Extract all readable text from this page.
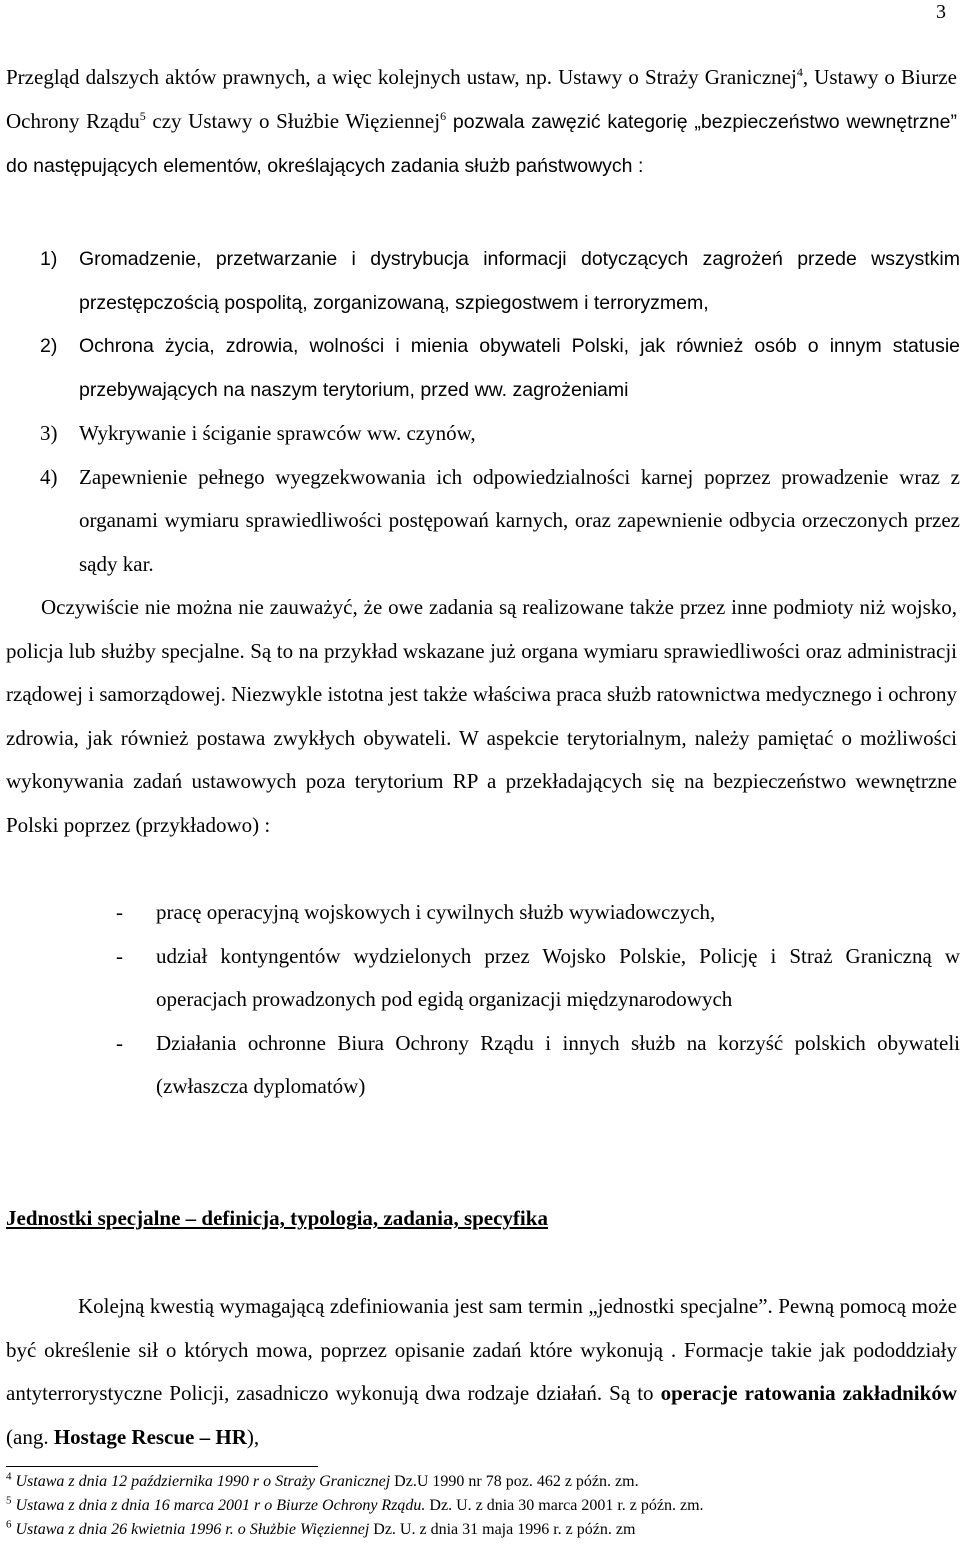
3

Przegląd dalszych aktów prawnych, a więc kolejnych ustaw, np. Ustawy o Straży Granicznej$^4$, Ustawy o Biurze Ochrony Rządu$^5$ czy Ustawy o Służbie Więziennej$^6$ pozwala zawęzić kategorię „bezpieczeństwo wewnętrzne” do następujących elementów, określających zadania służb państwowych :

1) Gromadzenie, przetwarzanie i dystrybucja informacji dotyczących zagrożeń przede wszystkim przestępczością pospolitą, zorganizowaną, szpiegostwem i terroryzmem,
2) Ochrona życia, zdrowia, wolności i mienia obywateli Polski, jak również osób o innym statusie przebywających na naszym terytorium, przed ww. zagrożeniami
3) Wykrywanie i ściganie sprawców ww. czynów,
4) Zapewnienie pełnego wyegzekwowania ich odpowiedzialności karnej poprzez prowadzenie wraz z organami wymiaru sprawiedliwości postępowań karnych, oraz zapewnienie odbycia orzeczonych przez sądy kar.

Oczywiście nie można nie zauważyć, że owe zadania są realizowane także przez inne podmioty niż wojsko, policja lub służby specjalne. Są to na przykład wskazane już organa wymiaru sprawiedliwości oraz administracji rządowej i samorządowej. Niezwykle istotna jest także właściwa praca służb ratownictwa medycznego i ochrony zdrowia, jak również postawa zwykłych obywateli. W aspekcie terytorialnym, należy pamiętać o możliwości wykonywania zadań ustawowych poza terytorium RP a przekładających się na bezpieczeństwo wewnętrzne Polski poprzez (przykładowo) :

- pracę operacyjną wojskowych i cywilnych służb wywiadowczych,
- udział kontyngentów wydzielonych przez Wojsko Polskie, Policję i Straż Graniczną w operacjach prowadzonych pod egidą organizacji międzynarodowych
- Działania ochronne Biura Ochrony Rządu i innych służb na korzyść polskich obywateli (zwłaszcza dyplomatów)
Jednostki specjalne – definicja, typologia, zadania, specyfika

Kolejną kwestią wymagającą zdefiniowania jest sam termin „jednostki specjalne”. Pewną pomocą może być określenie sił o których mowa, poprzez opisanie zadań które wykonują . Formacje takie jak pododdziały antyterrorystyczne Policji, zasadniczo wykonują dwa rodzaje działań. Są to operacje ratowania zakładników (ang. Hostage Rescue – HR),

$^4$ Ustawa z dnia 12 października 1990 r o Straży Granicznej Dz.U 1990 nr 78 poz. 462 z późn. zm.
$^5$ Ustawa z dnia z dnia 16 marca 2001 r o Biurze Ochrony Rządu. Dz. U. z dnia 30 marca 2001 r. z późn. zm.
$^6$ Ustawa z dnia 26 kwietnia 1996 r. o Służbie Więziennej Dz. U. z dnia 31 maja 1996 r. z późn. zm
